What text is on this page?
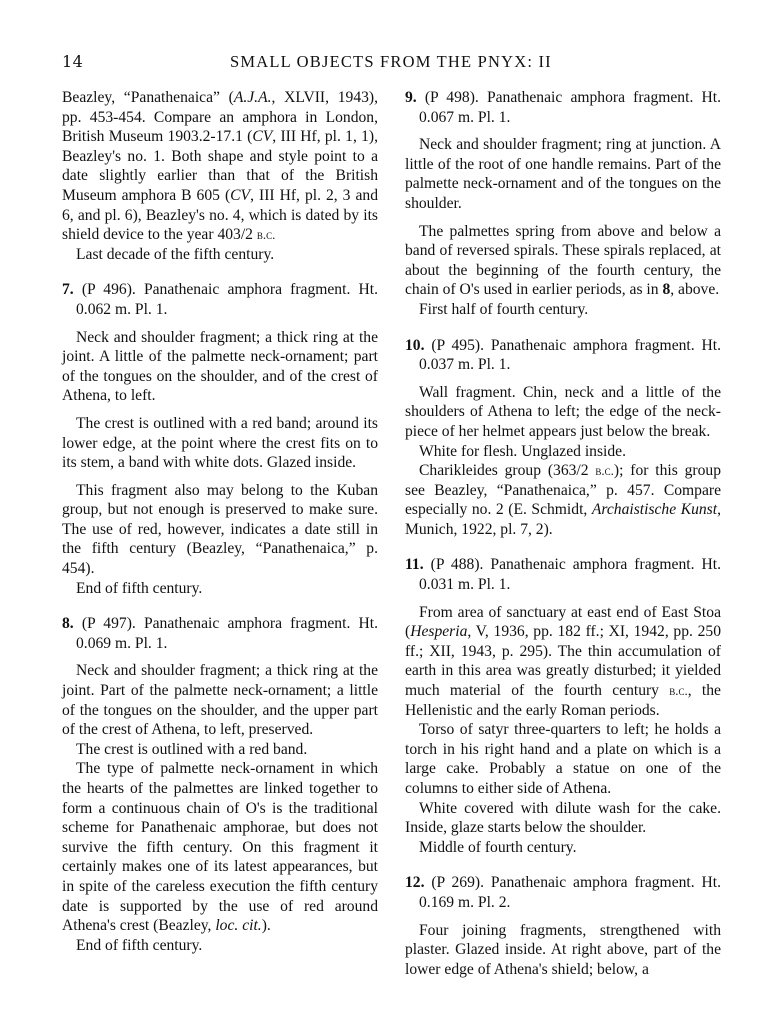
14	SMALL OBJECTS FROM THE PNYX: II

Beazley, “Panathenaica” (A.J.A., XLVII, 1943), pp. 453-454. Compare an amphora in London, British Museum 1903.2-17.1 (CV, III Hf, pl. 1, 1), Beazley's no. 1. Both shape and style point to a date slightly earlier than that of the British Museum amphora B 605 (CV, III Hf, pl. 2, 3 and 6, and pl. 6), Beazley's no. 4, which is dated by its shield device to the year 403/2 b.c.

Last decade of the fifth century.

7. (P 496). Panathenaic amphora fragment. Ht. 0.062 m. Pl. 1.

Neck and shoulder fragment; a thick ring at the joint. A little of the palmette neck-ornament; part of the tongues on the shoulder, and of the crest of Athena, to left.

The crest is outlined with a red band; around its lower edge, at the point where the crest fits on to its stem, a band with white dots. Glazed inside.

This fragment also may belong to the Kuban group, but not enough is preserved to make sure. The use of red, however, indicates a date still in the fifth century (Beazley, “Panathenaica,” p. 454).

End of fifth century.

8. (P 497). Panathenaic amphora fragment. Ht. 0.069 m. Pl. 1.

Neck and shoulder fragment; a thick ring at the joint. Part of the palmette neck-ornament; a little of the tongues on the shoulder, and the upper part of the crest of Athena, to left, preserved.

The crest is outlined with a red band.

The type of palmette neck-ornament in which the hearts of the palmettes are linked together to form a continuous chain of O's is the traditional scheme for Panathenaic amphorae, but does not survive the fifth century. On this fragment it certainly makes one of its latest appearances, but in spite of the careless execution the fifth century date is supported by the use of red around Athena's crest (Beazley, loc. cit.).

End of fifth century.

9. (P 498). Panathenaic amphora fragment. Ht. 0.067 m. Pl. 1.

Neck and shoulder fragment; ring at junction. A little of the root of one handle remains. Part of the palmette neck-ornament and of the tongues on the shoulder.

The palmettes spring from above and below a band of reversed spirals. These spirals replaced, at about the beginning of the fourth century, the chain of O's used in earlier periods, as in 8, above.

First half of fourth century.

10. (P 495). Panathenaic amphora fragment. Ht. 0.037 m. Pl. 1.

Wall fragment. Chin, neck and a little of the shoulders of Athena to left; the edge of the neck-piece of her helmet appears just below the break.

White for flesh. Unglazed inside.

Charikleides group (363/2 b.c.); for this group see Beazley, “Panathenaica,” p. 457. Compare especially no. 2 (E. Schmidt, Archaistische Kunst, Munich, 1922, pl. 7, 2).

11. (P 488). Panathenaic amphora fragment. Ht. 0.031 m. Pl. 1.

From area of sanctuary at east end of East Stoa (Hesperia, V, 1936, pp. 182 ff.; XI, 1942, pp. 250 ff.; XII, 1943, p. 295). The thin accumulation of earth in this area was greatly disturbed; it yielded much material of the fourth century b.c., the Hellenistic and the early Roman periods.

Torso of satyr three-quarters to left; he holds a torch in his right hand and a plate on which is a large cake. Probably a statue on one of the columns to either side of Athena.

White covered with dilute wash for the cake. Inside, glaze starts below the shoulder.

Middle of fourth century.

12. (P 269). Panathenaic amphora fragment. Ht. 0.169 m. Pl. 2.

Four joining fragments, strengthened with plaster. Glazed inside. At right above, part of the lower edge of Athena's shield; below, a
